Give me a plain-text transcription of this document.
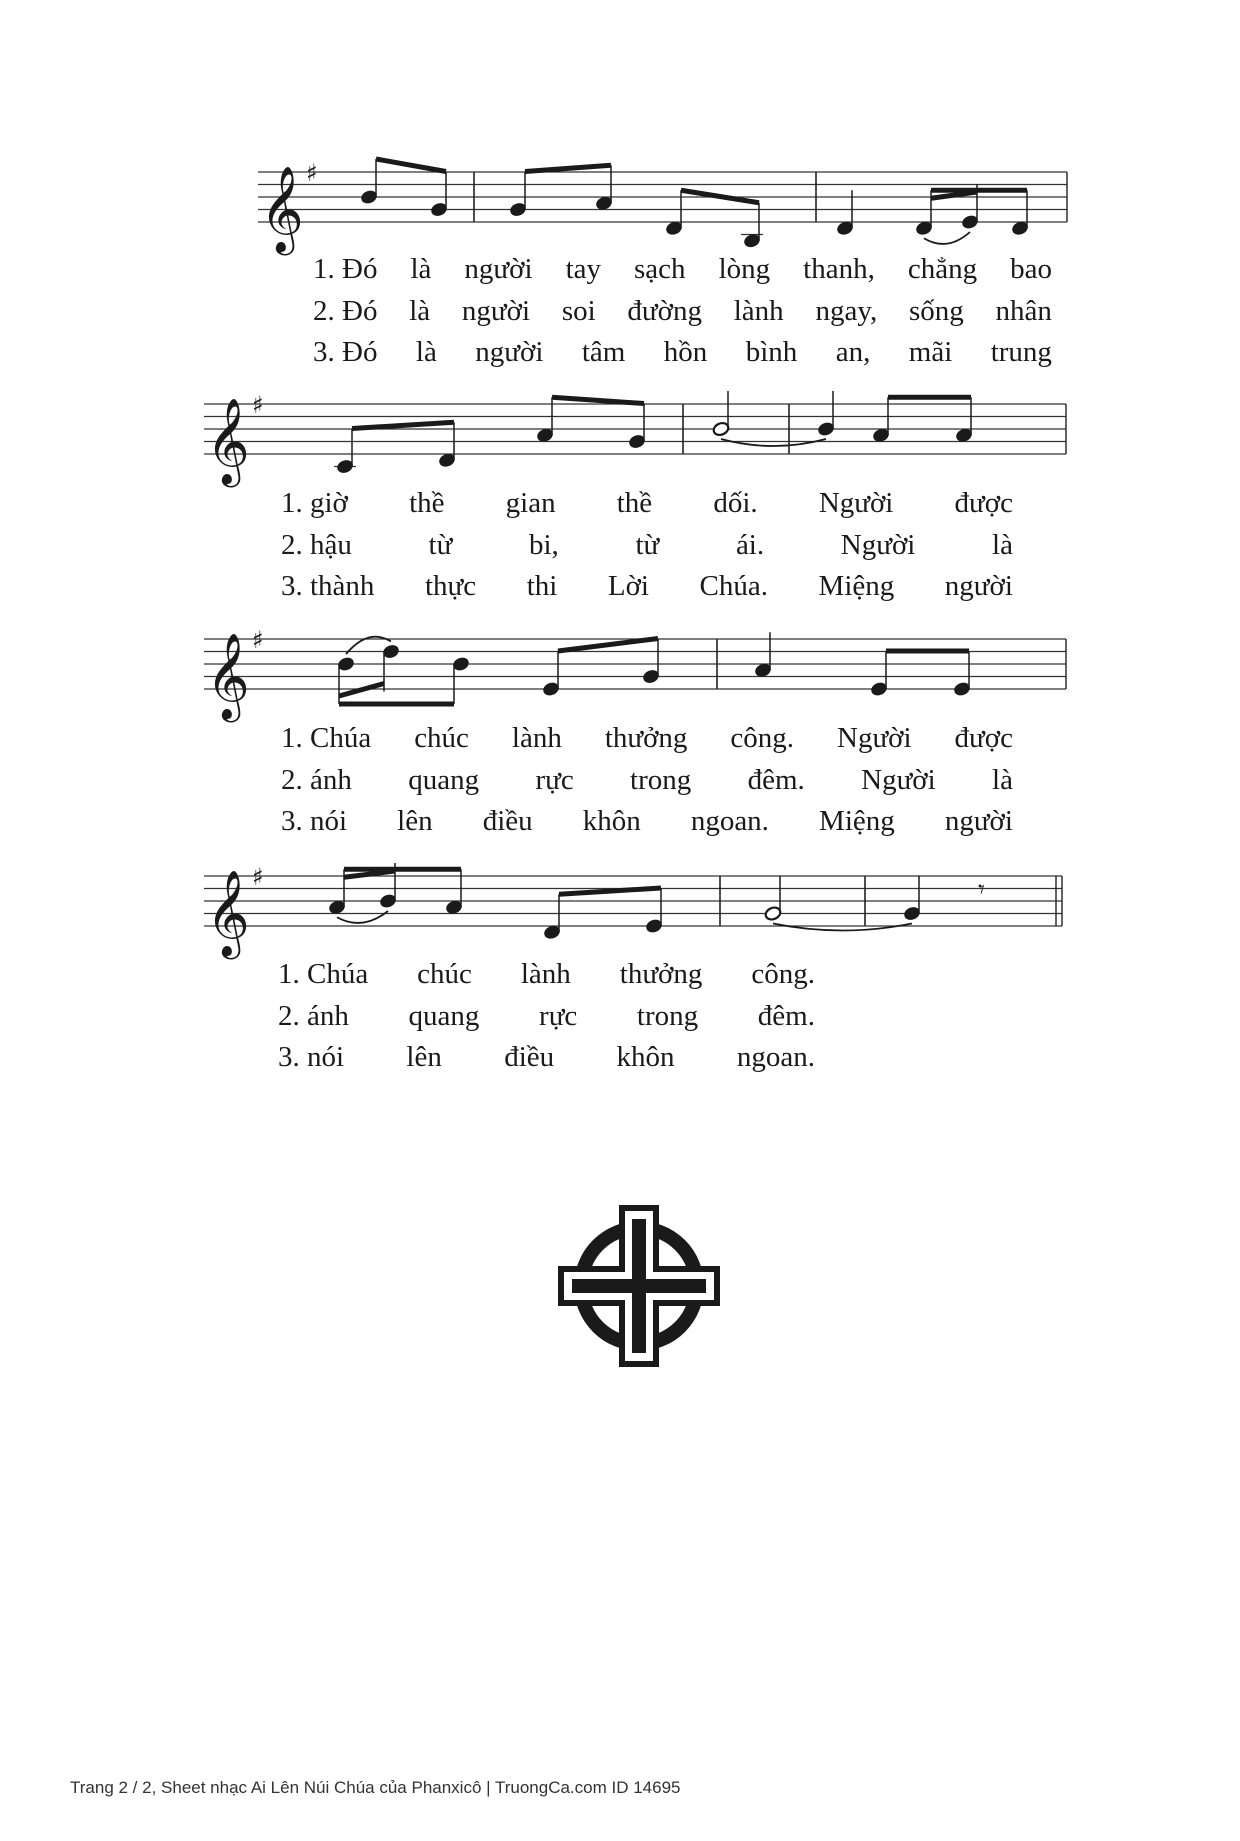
𝄞 ♯
𝄞 ♯
𝄞 ♯
𝄞 ♯	𝄾
1. Đó là người tay sạch lòng thanh, chẳng bao
2. Đó là người soi đường lành ngay, sống nhân
3. Đó là người tâm hồn bình an, mãi trung
1. giờ thề gian thề dối. Người được
2. hậu	từ	bi,	từ	ái.	Người	là
3. thành thực thi Lời Chúa. Miệng người
1. Chúa chúc lành thưởng công. Người được
2. ánh quang rực trong đêm. Người là
3. nói lên điều khôn ngoan. Miệng người
1. Chúa chúc lành thưởng công.
2. ánh quang rực trong đêm.
3. nói lên điều khôn ngoan.
Trang 2 / 2, Sheet nhạc Ai Lên Núi Chúa của Phanxicô | TruongCa.com ID 14695
